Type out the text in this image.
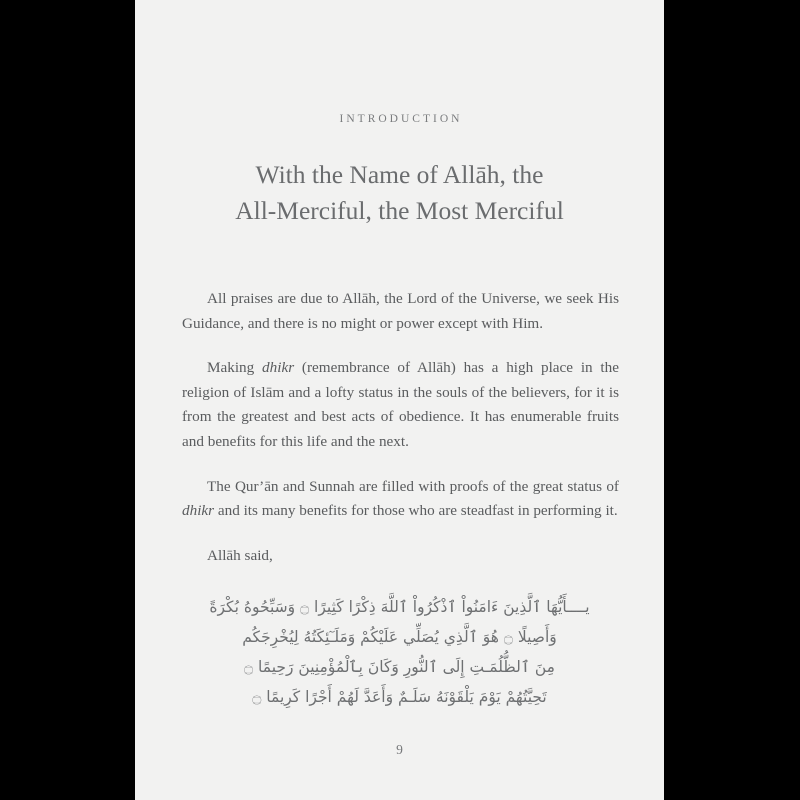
INTRODUCTION
With the Name of Allāh, the
All-Merciful, the Most Merciful

All praises are due to Allāh, the Lord of the Universe, we seek His Guidance, and there is no might or power except with Him.

Making dhikr (remembrance of Allāh) has a high place in the religion of Islām and a lofty status in the souls of the believers, for it is from the greatest and best acts of obedience. It has enumerable fruits and benefits for this life and the next.

The Qur’ān and Sunnah are filled with proofs of the great status of dhikr and its many benefits for those who are steadfast in performing it.

Allāh said,

يــــأَيُّهَا ٱلَّذِينَ ءَامَنُواْ ٱذْكُرُواْ ٱللَّهَ ذِكْرًا كَثِيرًا ۝ وَسَبِّحُوهُ بُكْرَةً
وَأَصِيلًا ۝ هُوَ ٱلَّذِي يُصَلِّي عَلَيْكُمْ وَمَلَـٓئِكَتُهُ لِيُخْرِجَكُم
مِنَ ٱلظُّلُمَـتِ إِلَى ٱلنُّورِ وَكَانَ بِٱلْمُؤْمِنِينَ رَحِيمًا ۝
تَحِيَّتُهُمْ يَوْمَ يَلْقَوْنَهُ سَلَـمٌ وَأَعَدَّ لَهُمْ أَجْرًا كَرِيمًا ۝
9
